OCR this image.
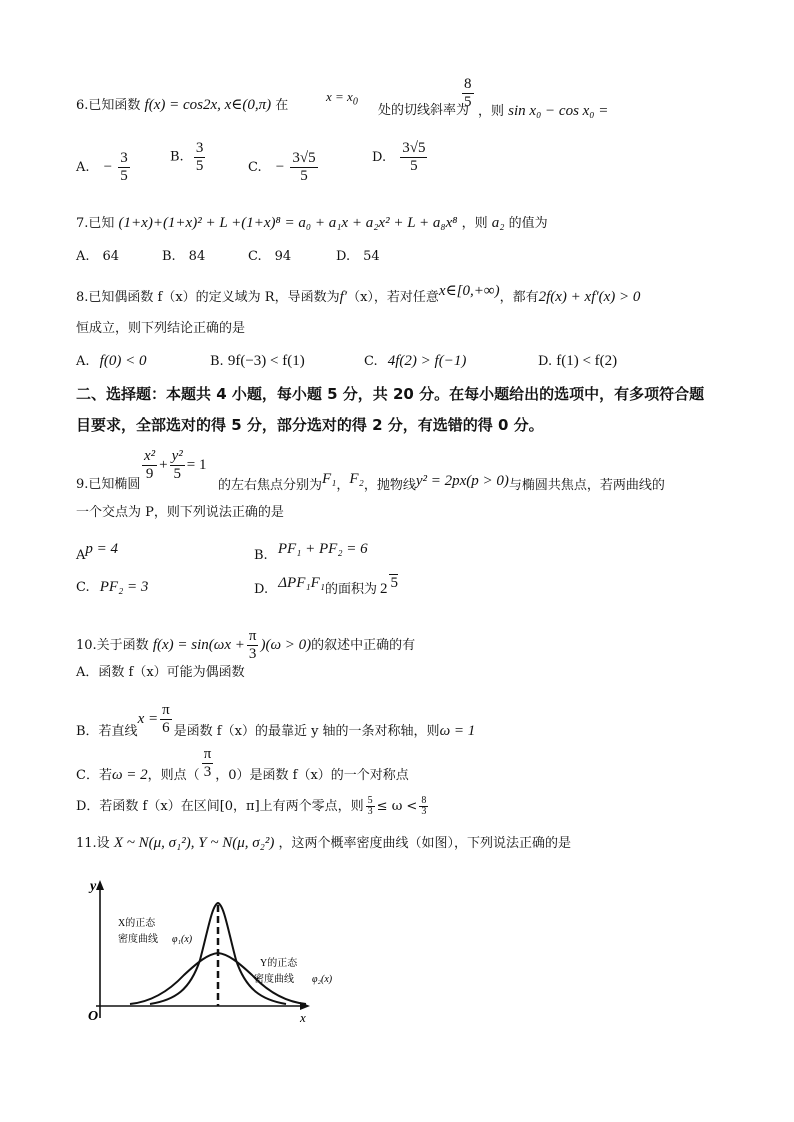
6.已知函数 f(x) = cos2x, x∈(0,π) 在
$x = x_0$
处的切线斜率为
$\frac{8}{5}$
，则 sin x₀ − cos x₀ =
A. − $\frac{3}{5}$	B. $\frac{3}{5}$	C. − $\frac{3√5}{5}$	D. $\frac{3√5}{5}$
7.已知 (1+x)+(1+x)² + L +(1+x)⁸ = a₀ + a₁x + a₂x² + L + a₈x⁸ ，则 a₂ 的值为
A.　64	B.　84	C.　94	D.　54
8.已知偶函数 f（x）的定义域为 R，导函数为f′（x），若对任意x∈[0,+∞)，都有2f(x) + xf′(x) > 0
恒成立，则下列结论正确的是
A. f(0) < 0	B. 9f(−3) < f(1)	C. 4f(2) > f(−1)	D. f(1) < f(2)
二、选择题：本题共 4 小题，每小题 5 分，共 20 分。在每小题给出的选项中，有多项符合题
目要求，全部选对的得 5 分，部分选对的得 2 分，有选错的得 0 分。
9.已知椭圆
$\frac{\text{x²}}{9} + \frac{\text{y²}}{5} = 1$
的左右焦点分别为F₁，F₂，抛物线y² = 2px(p > 0)与椭圆共焦点，若两曲线的
一个交点为 P，则下列说法正确的是
Ap = 4	B. PF₁ + PF₂ = 6
C. PF₂ = 3	D. ΔPF₁F₁的面积为 2 5
10.关于函数 $f(x) = \sin(\omega x + \frac{\pi}{3} )(\omega > 0)$的叙述中正确的有
A．函数 f（x）可能为偶函数
B．若直线$x = \frac{\pi}{6}$ 是函数 f（x）的最靠近 y 轴的一条对称轴，则ω = 1
C．若ω = 2，则点（ $\frac{\pi}{3}$ ，0）是函数 f（x）的一个对称点
D．若函数 f（x）在区间[0，π]上有两个零点，则 $\frac{5}{3} \le \omega < \frac{8}{3}$
11.设 X ~ N(μ, σ₁²), Y ~ N(μ, σ₂²) ，这两个概率密度曲线（如图），下列说法正确的是
y
x
O
X的正态
密度曲线 φ₁(x)
Y的正态
密度曲线 φ₂(x)
